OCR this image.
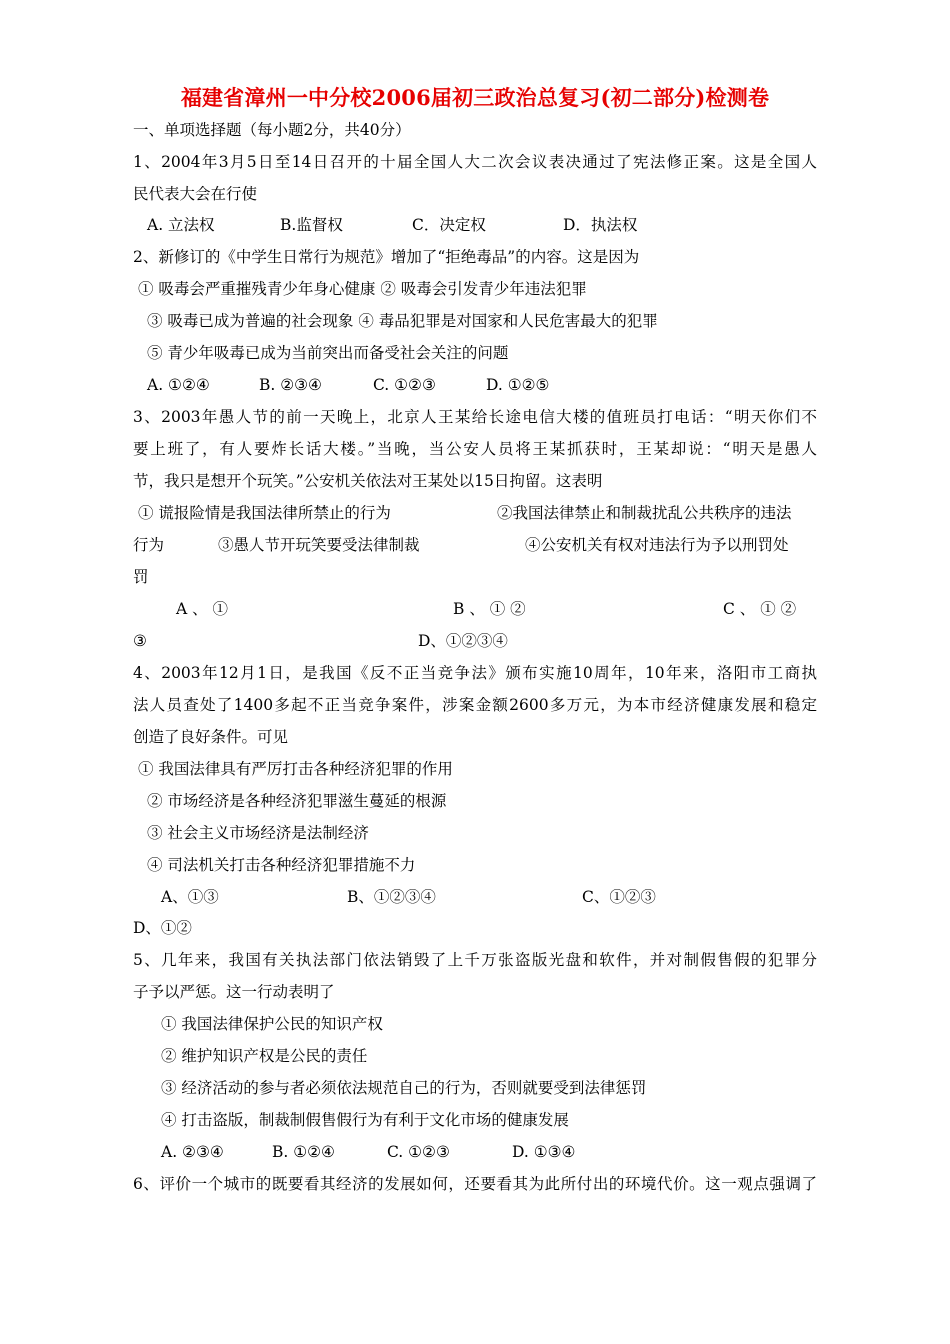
福建省漳州一中分校2006届初三政治总复习(初二部分)检测卷
一、单项选择题（每小题2分，共40分）
1、2004年3月5日至14日召开的十届全国人大二次会议表决通过了宪法修正案。这是全国人
民代表大会在行使
A. 立法权	B.监督权	C．决定权	D．执法权
2、新修订的《中学生日常行为规范》增加了“拒绝毒品”的内容。这是因为
① 吸毒会严重摧残青少年身心健康 ② 吸毒会引发青少年违法犯罪
③ 吸毒已成为普遍的社会现象 ④ 毒品犯罪是对国家和人民危害最大的犯罪
⑤ 青少年吸毒已成为当前突出而备受社会关注的问题
A. ①②④	B. ②③④	C. ①②③	D. ①②⑤
3、2003年愚人节的前一天晚上，北京人王某给长途电信大楼的值班员打电话：“明天你们不
要上班了，有人要炸长话大楼。”当晚，当公安人员将王某抓获时，王某却说：“明天是愚人
节，我只是想开个玩笑。”公安机关依法对王某处以15日拘留。这表明
① 谎报险情是我国法律所禁止的行为	②我国法律禁止和制裁扰乱公共秩序的违法
行为	③愚人节开玩笑要受法律制裁	④公安机关有权对违法行为予以刑罚处
罚
A 、 ①	B 、 ① ②	C 、 ① ②
③	D、①②③④
4、2003年12月1日，是我国《反不正当竞争法》颁布实施10周年，10年来，洛阳市工商执
法人员查处了1400多起不正当竞争案件，涉案金额2600多万元，为本市经济健康发展和稳定
创造了良好条件。可见
① 我国法律具有严厉打击各种经济犯罪的作用
② 市场经济是各种经济犯罪滋生蔓延的根源
③ 社会主义市场经济是法制经济
④ 司法机关打击各种经济犯罪措施不力
A、①③	B、①②③④	C、①②③
D、①②
5、几年来，我国有关执法部门依法销毁了上千万张盗版光盘和软件，并对制假售假的犯罪分
子予以严惩。这一行动表明了
① 我国法律保护公民的知识产权
② 维护知识产权是公民的责任
③ 经济活动的参与者必须依法规范自己的行为，否则就要受到法律惩罚
④ 打击盗版，制裁制假售假行为有利于文化市场的健康发展
A. ②③④	B. ①②④	C. ①②③	D. ①③④
6、评价一个城市的既要看其经济的发展如何，还要看其为此所付出的环境代价。这一观点强调了
